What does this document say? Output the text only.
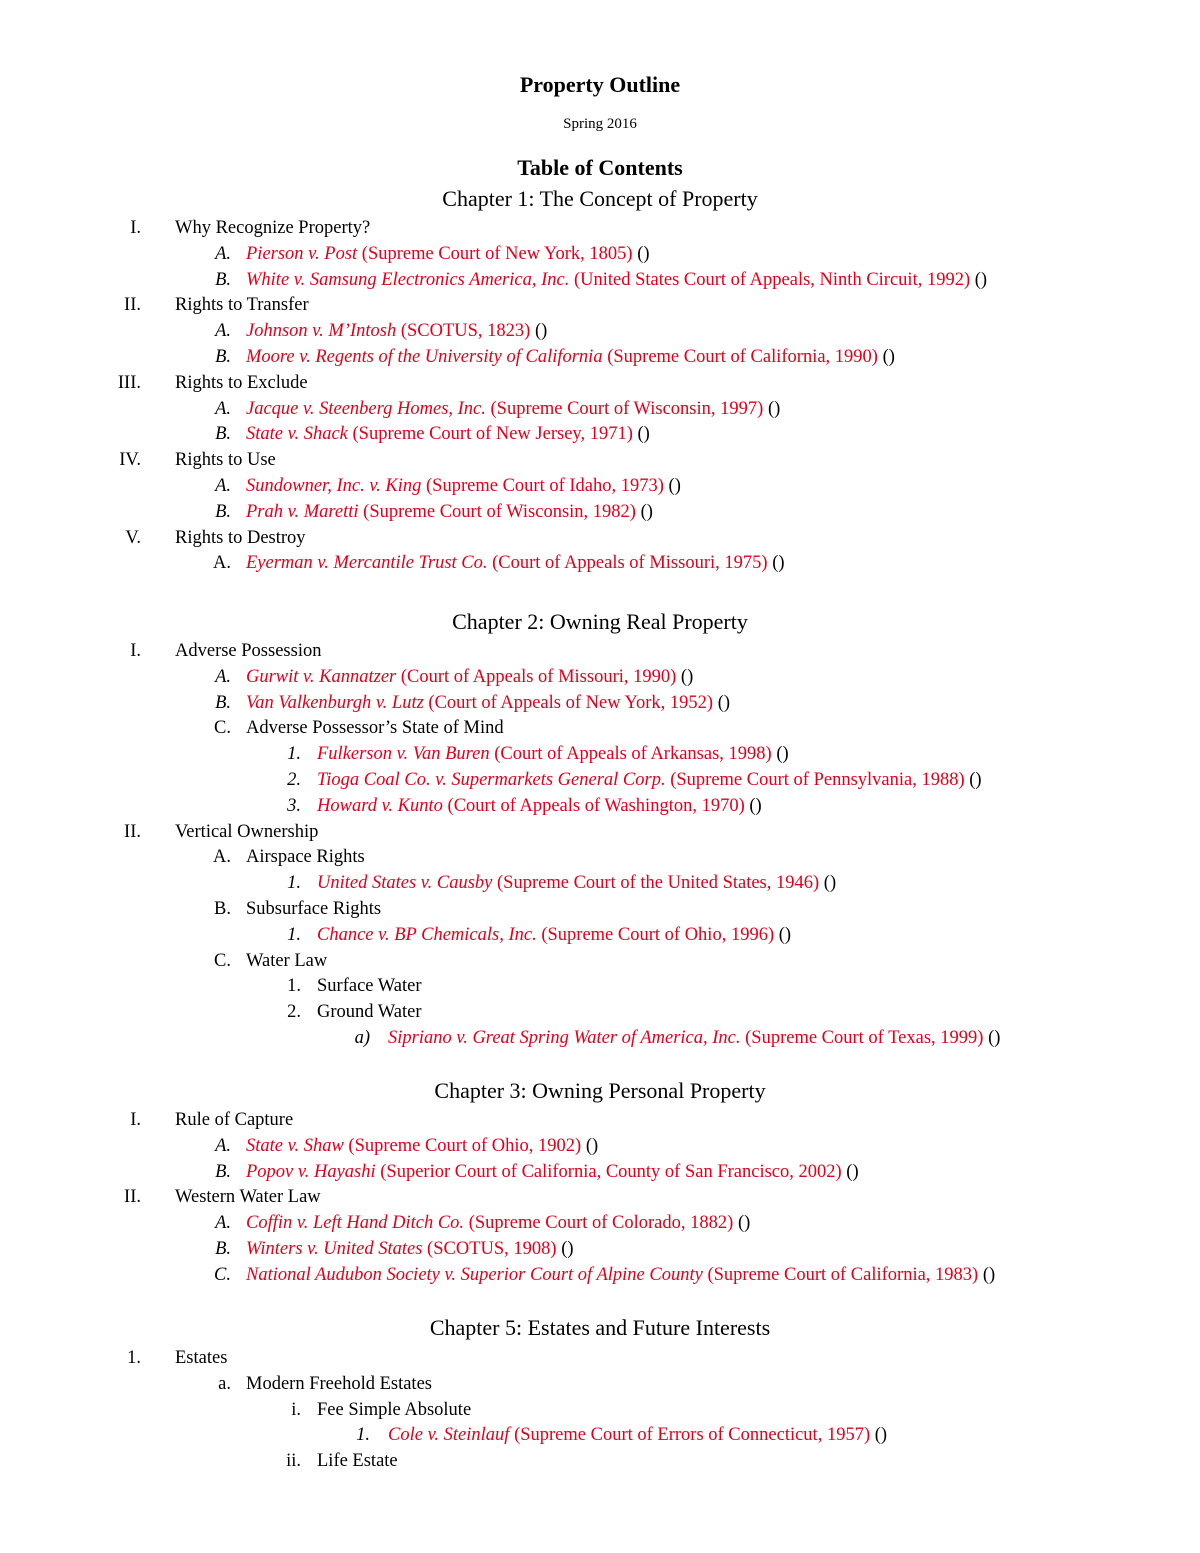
Property Outline
Spring 2016
Table of Contents
Chapter 1: The Concept of Property
I. Why Recognize Property?
A. Pierson v. Post (Supreme Court of New York, 1805) ()
B. White v. Samsung Electronics America, Inc. (United States Court of Appeals, Ninth Circuit, 1992) ()
II. Rights to Transfer
A. Johnson v. M’Intosh (SCOTUS, 1823) ()
B. Moore v. Regents of the University of California (Supreme Court of California, 1990) ()
III. Rights to Exclude
A. Jacque v. Steenberg Homes, Inc. (Supreme Court of Wisconsin, 1997) ()
B. State v. Shack (Supreme Court of New Jersey, 1971) ()
IV. Rights to Use
A. Sundowner, Inc. v. King (Supreme Court of Idaho, 1973) ()
B. Prah v. Maretti (Supreme Court of Wisconsin, 1982) ()
V. Rights to Destroy
A. Eyerman v. Mercantile Trust Co. (Court of Appeals of Missouri, 1975) ()
Chapter 2: Owning Real Property
I. Adverse Possession
A. Gurwit v. Kannatzer (Court of Appeals of Missouri, 1990) ()
B. Van Valkenburgh v. Lutz (Court of Appeals of New York, 1952) ()
C. Adverse Possessor’s State of Mind
1. Fulkerson v. Van Buren (Court of Appeals of Arkansas, 1998) ()
2. Tioga Coal Co. v. Supermarkets General Corp. (Supreme Court of Pennsylvania, 1988) ()
3. Howard v. Kunto (Court of Appeals of Washington, 1970) ()
II. Vertical Ownership
A. Airspace Rights
1. United States v. Causby (Supreme Court of the United States, 1946) ()
B. Subsurface Rights
1. Chance v. BP Chemicals, Inc. (Supreme Court of Ohio, 1996) ()
C. Water Law
1. Surface Water
2. Ground Water
a) Sipriano v. Great Spring Water of America, Inc. (Supreme Court of Texas, 1999) ()
Chapter 3: Owning Personal Property
I. Rule of Capture
A. State v. Shaw (Supreme Court of Ohio, 1902) ()
B. Popov v. Hayashi (Superior Court of California, County of San Francisco, 2002) ()
II. Western Water Law
A. Coffin v. Left Hand Ditch Co. (Supreme Court of Colorado, 1882) ()
B. Winters v. United States (SCOTUS, 1908) ()
C. National Audubon Society v. Superior Court of Alpine County (Supreme Court of California, 1983) ()
Chapter 5: Estates and Future Interests
1. Estates
a. Modern Freehold Estates
i. Fee Simple Absolute
1. Cole v. Steinlauf (Supreme Court of Errors of Connecticut, 1957) ()
ii. Life Estate
